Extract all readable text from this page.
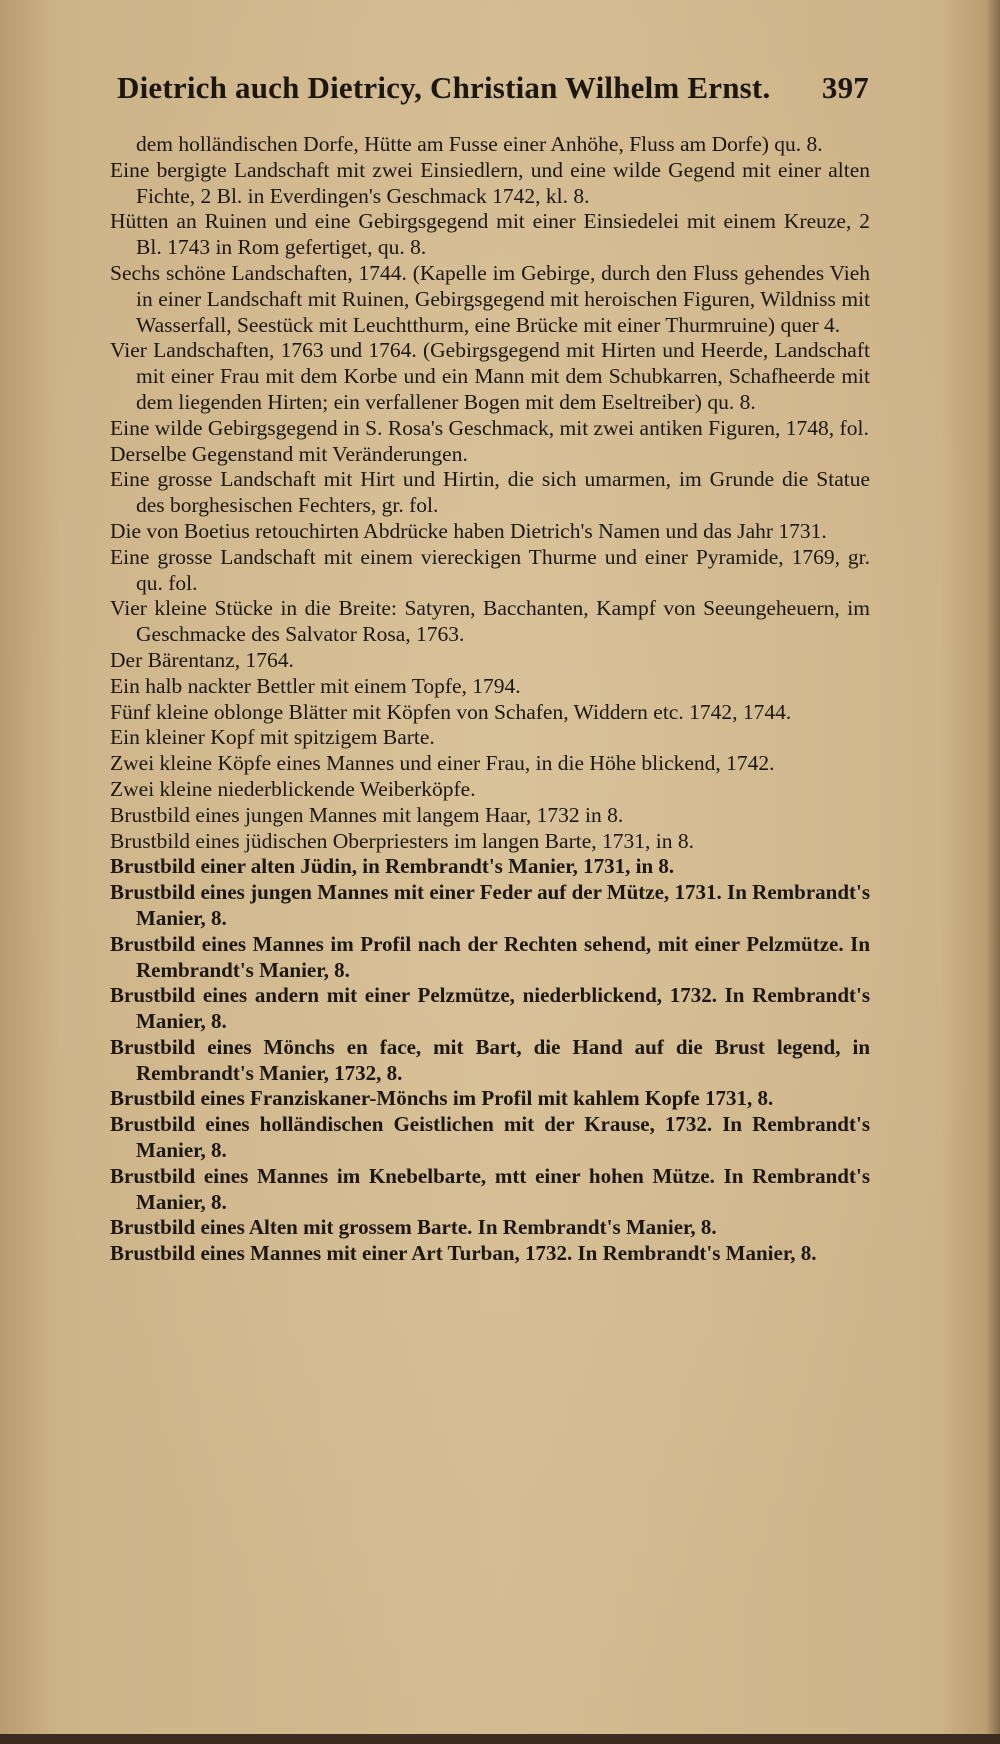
Dietrich auch Dietricy, Christian Wilhelm Ernst. 397

dem holländischen Dorfe, Hütte am Fusse einer Anhöhe, Fluss am Dorfe) qu. 8.

Eine bergigte Landschaft mit zwei Einsiedlern, und eine wilde Gegend mit einer alten Fichte, 2 Bl. in Everdingen's Geschmack 1742, kl. 8.

Hütten an Ruinen und eine Gebirgsgegend mit einer Einsiedelei mit einem Kreuze, 2 Bl. 1743 in Rom gefertiget, qu. 8.

Sechs schöne Landschaften, 1744. (Kapelle im Gebirge, durch den Fluss gehendes Vieh in einer Landschaft mit Ruinen, Gebirgsgegend mit heroischen Figuren, Wildniss mit Wasserfall, Seestück mit Leuchtthurm, eine Brücke mit einer Thurmruine) quer 4.

Vier Landschaften, 1763 und 1764. (Gebirgsgegend mit Hirten und Heerde, Landschaft mit einer Frau mit dem Korbe und ein Mann mit dem Schubkarren, Schafheerde mit dem liegenden Hirten; ein verfallener Bogen mit dem Eseltreiber) qu. 8.

Eine wilde Gebirgsgegend in S. Rosa's Geschmack, mit zwei antiken Figuren, 1748, fol.

Derselbe Gegenstand mit Veränderungen.

Eine grosse Landschaft mit Hirt und Hirtin, die sich umarmen, im Grunde die Statue des borghesischen Fechters, gr. fol.

Die von Boetius retouchirten Abdrücke haben Dietrich's Namen und das Jahr 1731.

Eine grosse Landschaft mit einem viereckigen Thurme und einer Pyramide, 1769, gr. qu. fol.

Vier kleine Stücke in die Breite: Satyren, Bacchanten, Kampf von Seeungeheuern, im Geschmacke des Salvator Rosa, 1763.

Der Bärentanz, 1764.

Ein halb nackter Bettler mit einem Topfe, 1794.

Fünf kleine oblonge Blätter mit Köpfen von Schafen, Widdern etc. 1742, 1744.

Ein kleiner Kopf mit spitzigem Barte.

Zwei kleine Köpfe eines Mannes und einer Frau, in die Höhe blickend, 1742.

Zwei kleine niederblickende Weiberköpfe.

Brustbild eines jungen Mannes mit langem Haar, 1732 in 8.

Brustbild eines jüdischen Oberpriesters im langen Barte, 1731, in 8.

Brustbild einer alten Jüdin, in Rembrandt's Manier, 1731, in 8.

Brustbild eines jungen Mannes mit einer Feder auf der Mütze, 1731. In Rembrandt's Manier, 8.

Brustbild eines Mannes im Profil nach der Rechten sehend, mit einer Pelzmütze. In Rembrandt's Manier, 8.

Brustbild eines andern mit einer Pelzmütze, niederblickend, 1732. In Rembrandt's Manier, 8.

Brustbild eines Mönchs en face, mit Bart, die Hand auf die Brust legend, in Rembrandt's Manier, 1732, 8.

Brustbild eines Franziskaner-Mönchs im Profil mit kahlem Kopfe 1731, 8.

Brustbild eines holländischen Geistlichen mit der Krause, 1732. In Rembrandt's Manier, 8.

Brustbild eines Mannes im Knebelbarte, mtt einer hohen Mütze. In Rembrandt's Manier, 8.

Brustbild eines Alten mit grossem Barte. In Rembrandt's Manier, 8.

Brustbild eines Mannes mit einer Art Turban, 1732. In Rembrandt's Manier, 8.
